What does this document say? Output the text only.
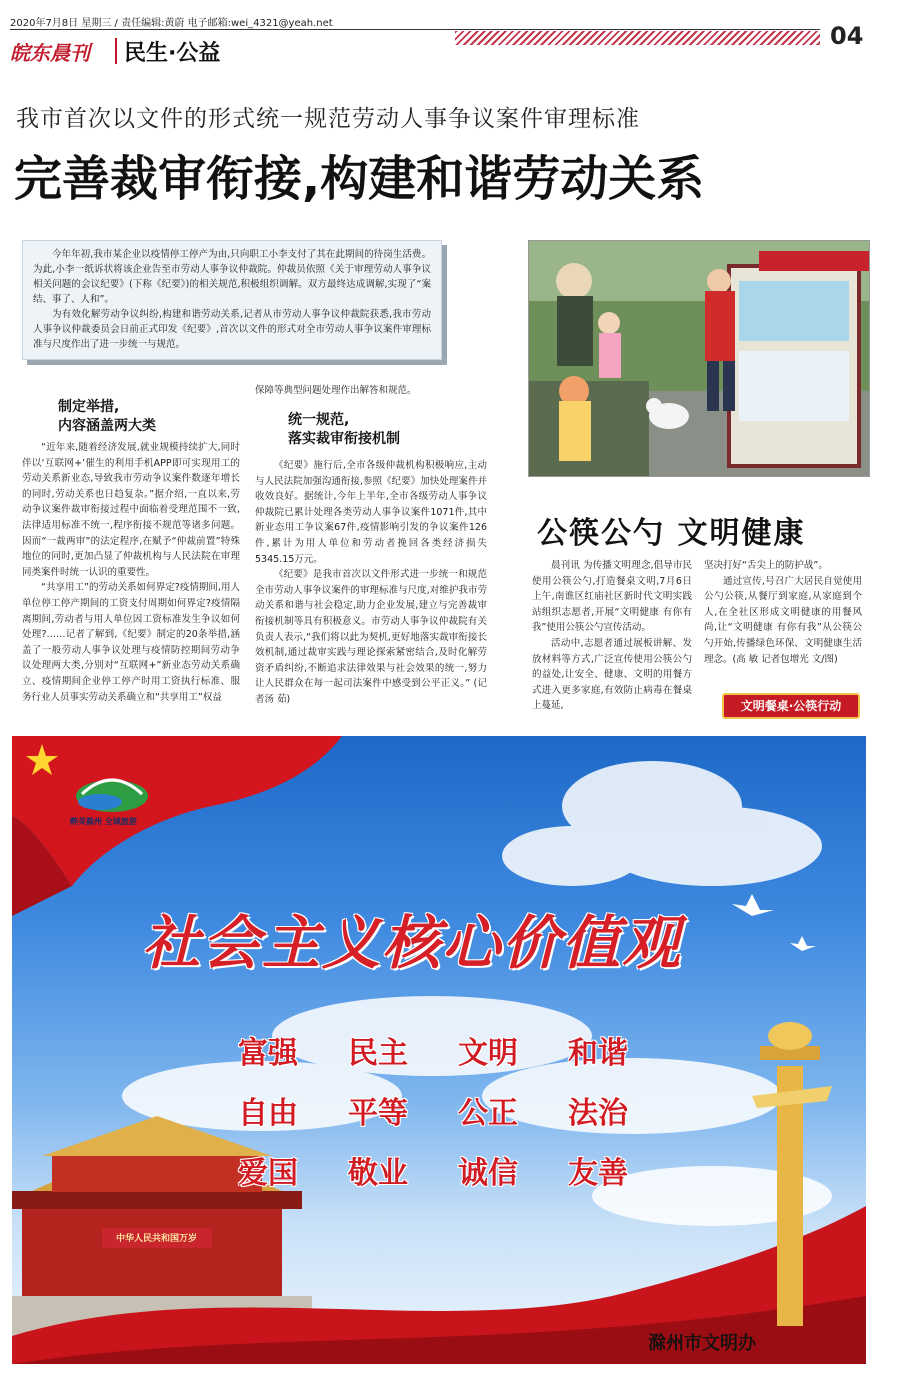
2020年7月8日 星期三 / 责任编辑:黄蔚 电子邮箱:wei_4321@yeah.net	04
皖东晨刊 民生·公益
我市首次以文件的形式统一规范劳动人事争议案件审理标准
完善裁审衔接,构建和谐劳动关系

今年年初,我市某企业以疫情停工停产为由,只向职工小李支付了其在此期间的待岗生活费。为此,小李一纸诉状将该企业告至市劳动人事争议仲裁院。仲裁员依照《关于审理劳动人事争议相关问题的会议纪要》(下称《纪要》)的相关规范,积极组织调解。双方最终达成调解,实现了“案结、事了、人和”。

为有效化解劳动争议纠纷,构建和谐劳动关系,记者从市劳动人事争议仲裁院获悉,我市劳动人事争议仲裁委员会日前正式印发《纪要》,首次以文件的形式对全市劳动人事争议案件审理标准与尺度作出了进一步统一与规范。

制定举措,
内容涵盖两大类

“近年来,随着经济发展,就业规模持续扩大,同时伴以‘互联网+’催生的利用手机APP即可实现用工的劳动关系新业态,导致我市劳动争议案件数逐年增长的同时,劳动关系也日趋复杂。”据介绍,一直以来,劳动争议案件裁审衔接过程中面临着受理范围不一致,法律适用标准不统一,程序衔接不规范等诸多问题。因而“一裁两审”的法定程序,在赋予“仲裁前置”特殊地位的同时,更加凸显了仲裁机构与人民法院在审理同类案件时统一认识的重要性。

“共享用工”的劳动关系如何界定?疫情期间,用人单位停工停产期间的工资支付周期如何界定?疫情隔离期间,劳动者与用人单位因工资标准发生争议如何处理?……记者了解到,《纪要》制定的20条举措,涵盖了一般劳动人事争议处理与疫情防控期间劳动争议处理两大类,分别对“互联网+”新业态劳动关系确立、疫情期间企业停工停产时用工资执行标准、服务行业人员事实劳动关系确立和“共享用工”权益

保障等典型问题处理作出解答和规范。

统一规范,
落实裁审衔接机制

《纪要》施行后,全市各级仲裁机构积极响应,主动与人民法院加强沟通衔接,参照《纪要》加快处理案件并收效良好。据统计,今年上半年,全市各级劳动人事争议仲裁院已累计处理各类劳动人事争议案件1071件,其中新业态用工争议案67件,疫情影响引发的争议案件126件,累计为用人单位和劳动者挽回各类经济损失5345.15万元。

《纪要》是我市首次以文件形式进一步统一和规范全市劳动人事争议案件的审理标准与尺度,对维护我市劳动关系和谐与社会稳定,助力企业发展,建立与完善裁审衔接机制等具有积极意义。市劳动人事争议仲裁院有关负责人表示,“我们将以此为契机,更好地落实裁审衔接长效机制,通过裁审实践与理论探索紧密结合,及时化解劳资矛盾纠纷,不断追求法律效果与社会效果的统一,努力让人民群众在每一起司法案件中感受到公平正义。” (记者汤 茹)

公筷公勺 文明健康

晨刊讯 为传播文明理念,倡导市民使用公筷公勺,打造餐桌文明,7月6日上午,南谯区红庙社区新时代文明实践站组织志愿者,开展“文明健康 有你有我”使用公筷公勺宣传活动。

活动中,志愿者通过展板讲解、发放材料等方式,广泛宣传使用公筷公勺的益处,让安全、健康、文明的用餐方式进入更多家庭,有效防止病毒在餐桌上蔓延,

坚决打好“舌尖上的防护战”。

通过宣传,号召广大居民自觉使用公勺公筷,从餐厅到家庭,从家庭到个人,在全社区形成文明健康的用餐风尚,让“文明健康 有你有我”从公筷公勺开始,传播绿色环保、文明健康生活理念。(高 敏 记者包增光 文/图)

文明餐桌·公筷行动
醉美滁州 全域旅游
社会主义核心价值观
富强 民主 文明 和谐
自由 平等 公正 法治
爱国 敬业 诚信 友善
中华人民共和国万岁
滁州市文明办
